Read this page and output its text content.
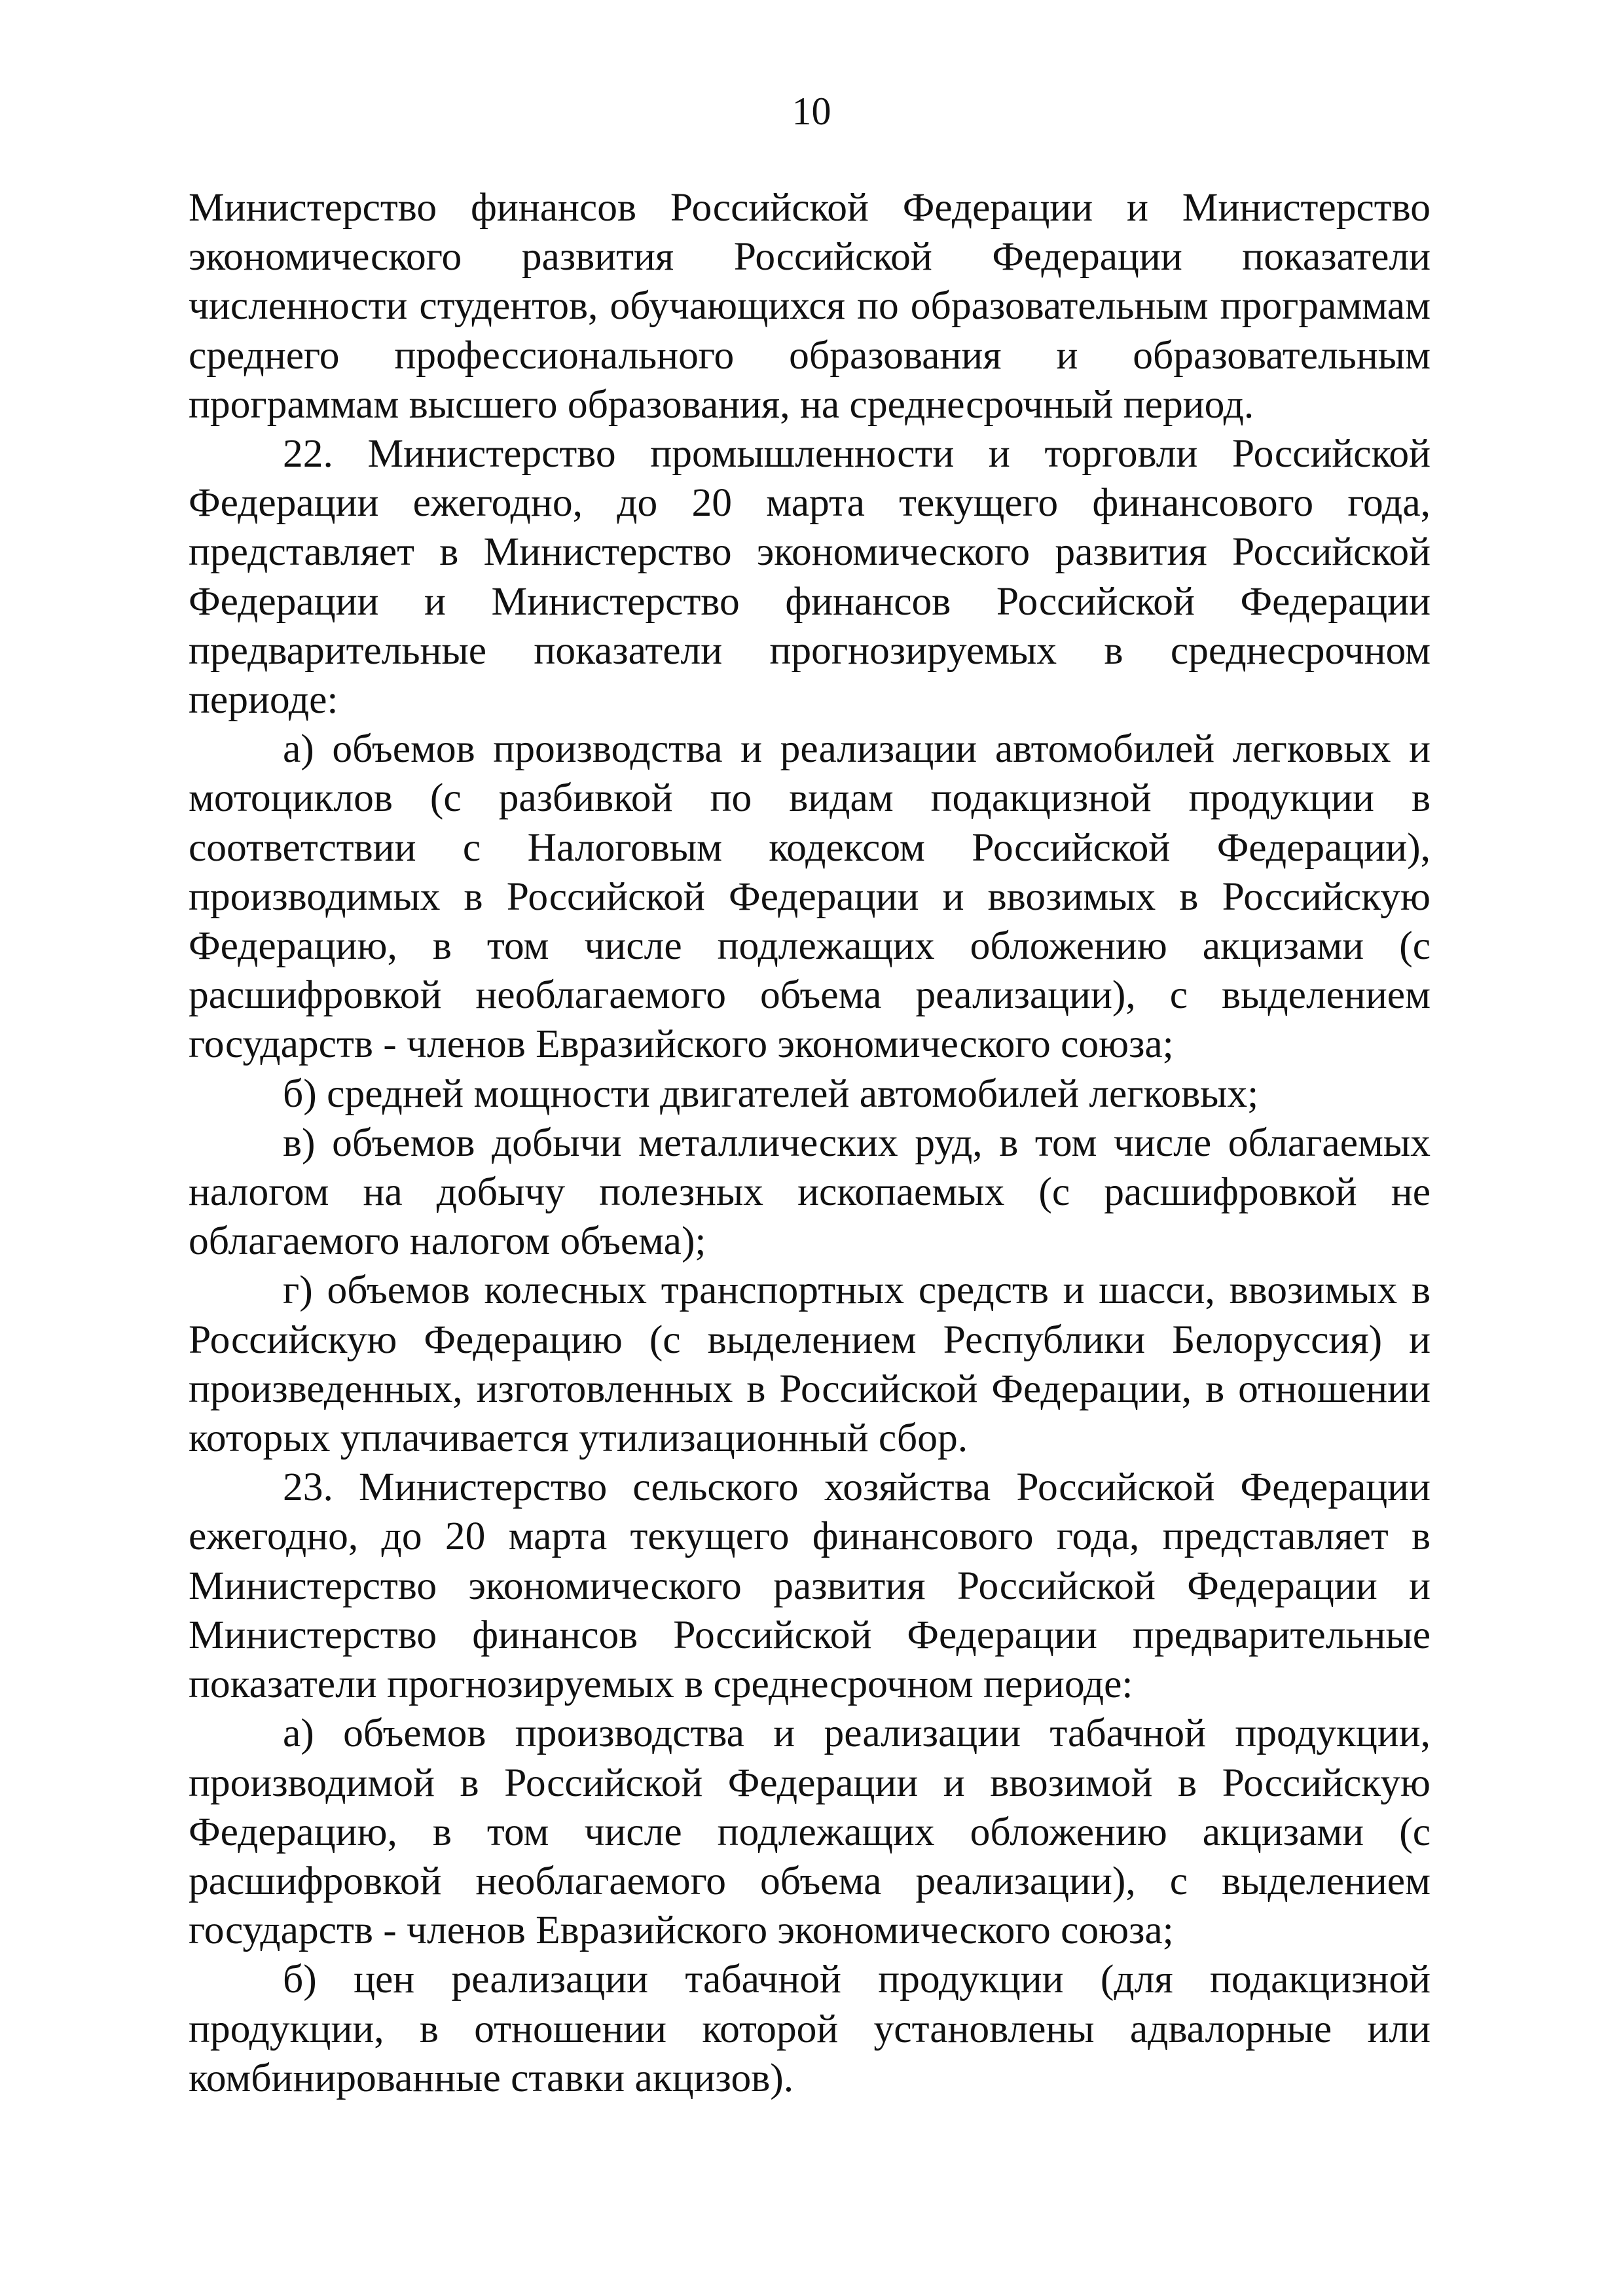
10

Министерство финансов Российской Федерации и Министерство экономического развития Российской Федерации показатели численности студентов, обучающихся по образовательным программам среднего профессионального образования и образовательным программам высшего образования, на среднесрочный период.

22. Министерство промышленности и торговли Российской Федерации ежегодно, до 20 марта текущего финансового года, представляет в Министерство экономического развития Российской Федерации и Министерство финансов Российской Федерации предварительные показатели прогнозируемых в среднесрочном периоде:

а) объемов производства и реализации автомобилей легковых и мотоциклов (с разбивкой по видам подакцизной продукции в соответствии с Налоговым кодексом Российской Федерации), производимых в Российской Федерации и ввозимых в Российскую Федерацию, в том числе подлежащих обложению акцизами (с расшифровкой необлагаемого объема реализации), с выделением государств - членов Евразийского экономического союза;

б) средней мощности двигателей автомобилей легковых;

в) объемов добычи металлических руд, в том числе облагаемых налогом на добычу полезных ископаемых (с расшифровкой не облагаемого налогом объема);

г) объемов колесных транспортных средств и шасси, ввозимых в Российскую Федерацию (с выделением Республики Белоруссия) и произведенных, изготовленных в Российской Федерации, в отношении которых уплачивается утилизационный сбор.

23. Министерство сельского хозяйства Российской Федерации ежегодно, до 20 марта текущего финансового года, представляет в Министерство экономического развития Российской Федерации и Министерство финансов Российской Федерации предварительные показатели прогнозируемых в среднесрочном периоде:

а) объемов производства и реализации табачной продукции, производимой в Российской Федерации и ввозимой в Российскую Федерацию, в том числе подлежащих обложению акцизами (с расшифровкой необлагаемого объема реализации), с выделением государств - членов Евразийского экономического союза;

б) цен реализации табачной продукции (для подакцизной продукции, в отношении которой установлены адвалорные или комбинированные ставки акцизов).
